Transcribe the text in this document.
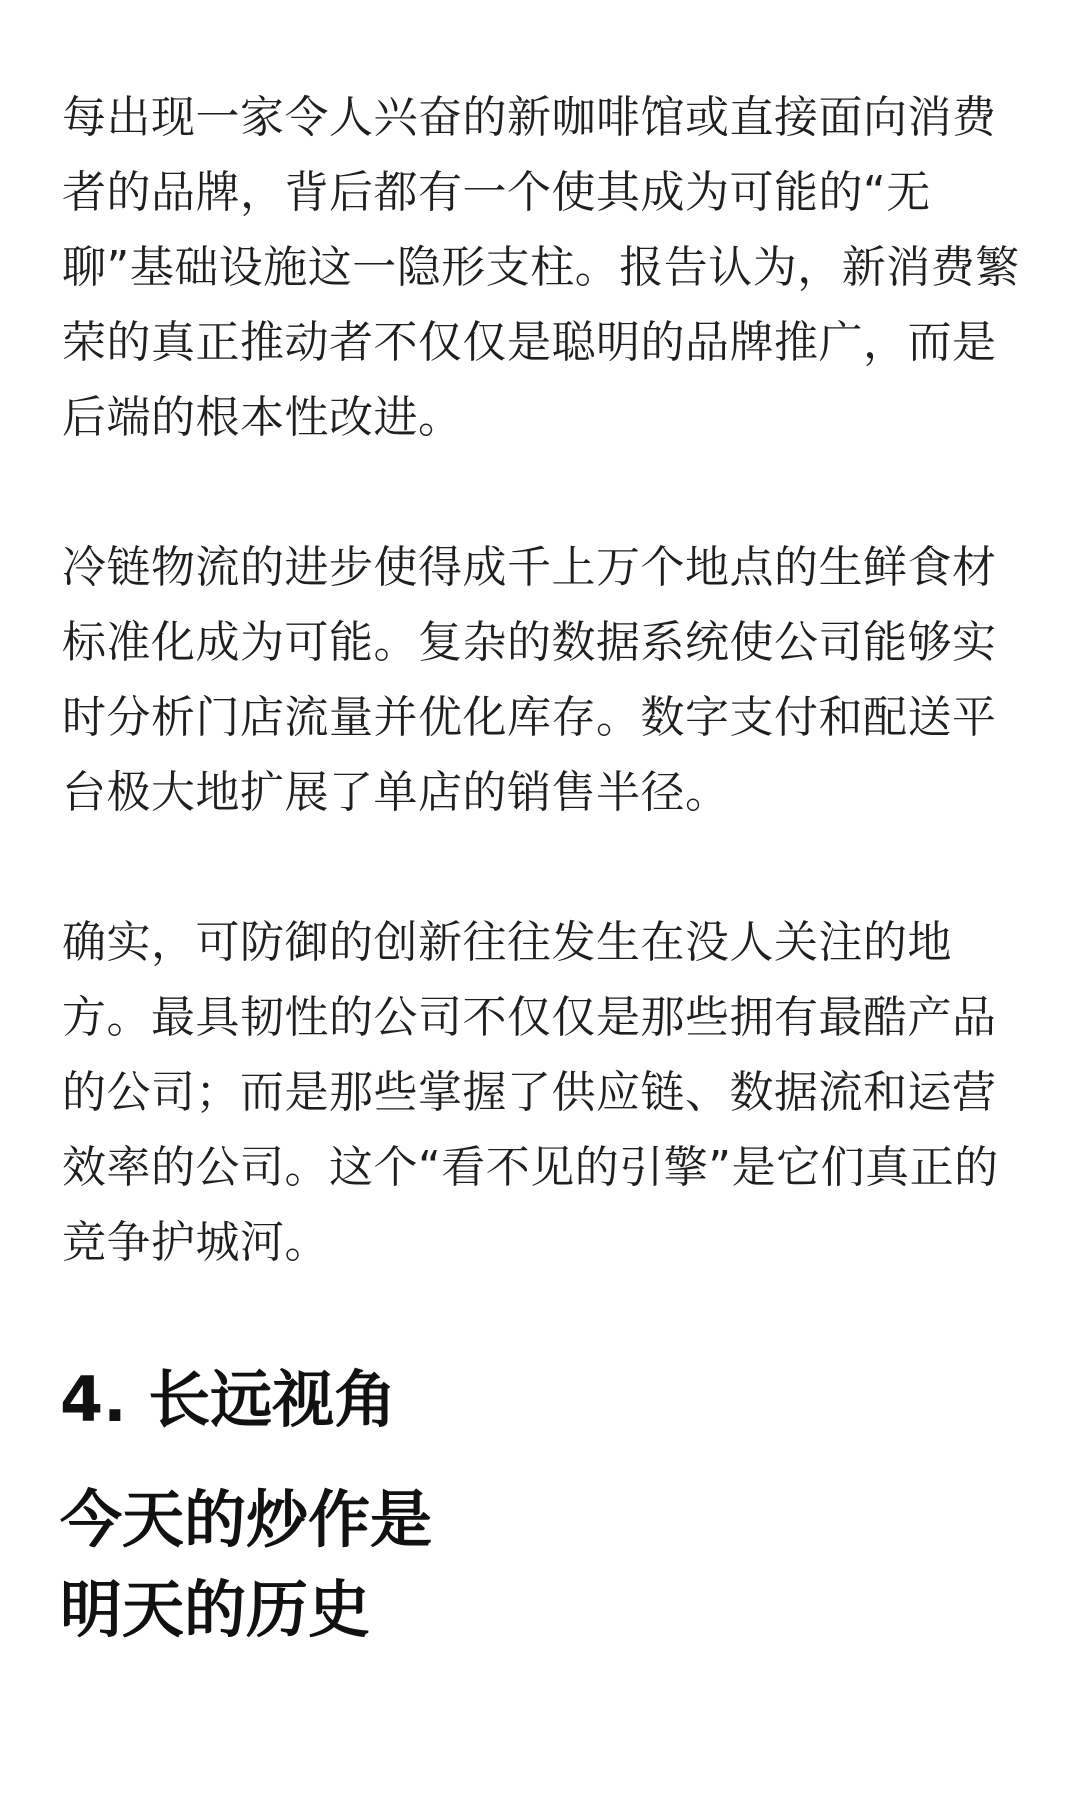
每出现一家令人兴奋的新咖啡馆或直接面向消费者的品牌，背后都有一个使其成为可能的“无聊”基础设施这一隐形支柱。报告认为，新消费繁荣的真正推动者不仅仅是聪明的品牌推广，而是后端的根本性改进。

冷链物流的进步使得成千上万个地点的生鲜食材标准化成为可能。复杂的数据系统使公司能够实时分析门店流量并优化库存。数字支付和配送平台极大地扩展了单店的销售半径。

确实，可防御的创新往往发生在没人关注的地方。最具韧性的公司不仅仅是那些拥有最酷产品的公司；而是那些掌握了供应链、数据流和运营效率的公司。这个“看不见的引擎”是它们真正的竞争护城河。

4. 长远视角
今天的炒作是
明天的历史
